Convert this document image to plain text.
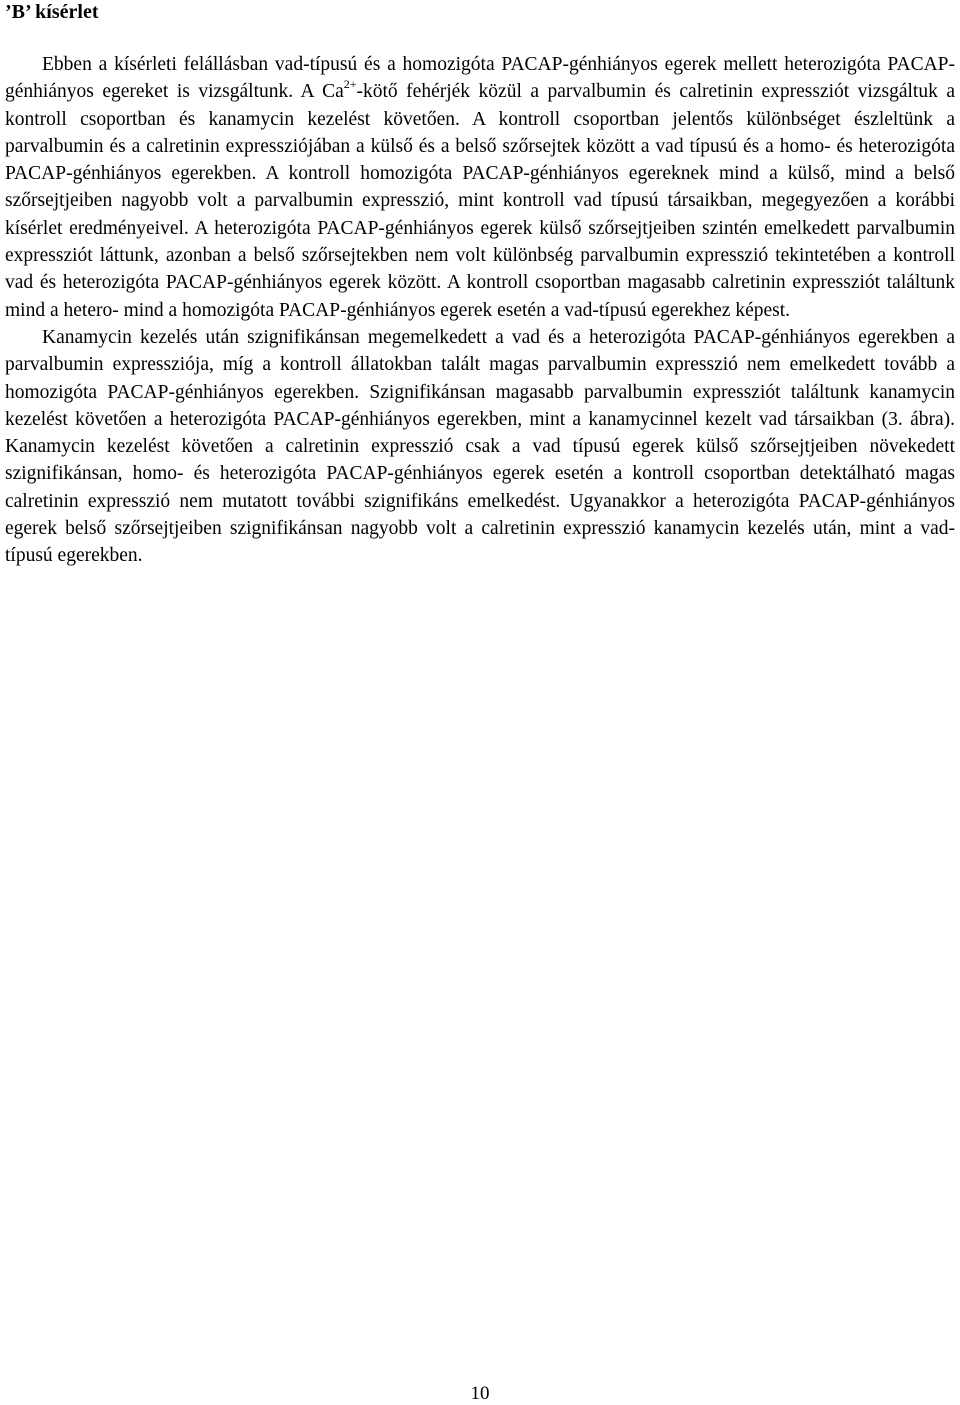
’B’ kísérlet

Ebben a kísérleti felállásban vad-típusú és a homozigóta PACAP-génhiányos egerek mellett heterozigóta PACAP-génhiányos egereket is vizsgáltunk. A $Ca^{2+}$-kötő fehérjék közül a parvalbumin és calretinin expressziót vizsgáltuk a kontroll csoportban és kanamycin kezelést követően. A kontroll csoportban jelentős különbséget észleltünk a parvalbumin és a calretinin expressziójában a külső és a belső szőrsejtek között a vad típusú és a homo- és heterozigóta PACAP-génhiányos egerekben. A kontroll homozigóta PACAP-génhiányos egereknek mind a külső, mind a belső szőrsejtjeiben nagyobb volt a parvalbumin expresszió, mint kontroll vad típusú társaikban, megegyezően a korábbi kísérlet eredményeivel. A heterozigóta PACAP-génhiányos egerek külső szőrsejtjeiben szintén emelkedett parvalbumin expressziót láttunk, azonban a belső szőrsejtekben nem volt különbség parvalbumin expresszió tekintetében a kontroll vad és heterozigóta PACAP-génhiányos egerek között. A kontroll csoportban magasabb calretinin expressziót találtunk mind a hetero- mind a homozigóta PACAP-génhiányos egerek esetén a vad-típusú egerekhez képest.

Kanamycin kezelés után szignifikánsan megemelkedett a vad és a heterozigóta PACAP-génhiányos egerekben a parvalbumin expressziója, míg a kontroll állatokban talált magas parvalbumin expresszió nem emelkedett tovább a homozigóta PACAP-génhiányos egerekben. Szignifikánsan magasabb parvalbumin expressziót találtunk kanamycin kezelést követően a heterozigóta PACAP-génhiányos egerekben, mint a kanamycinnel kezelt vad társaikban (3. ábra). Kanamycin kezelést követően a calretinin expresszió csak a vad típusú egerek külső szőrsejtjeiben növekedett szignifikánsan, homo- és heterozigóta PACAP-génhiányos egerek esetén a kontroll csoportban detektálható magas calretinin expresszió nem mutatott további szignifikáns emelkedést. Ugyanakkor a heterozigóta PACAP-génhiányos egerek belső szőrsejtjeiben szignifikánsan nagyobb volt a calretinin expresszió kanamycin kezelés után, mint a vad-típusú egerekben.

10
